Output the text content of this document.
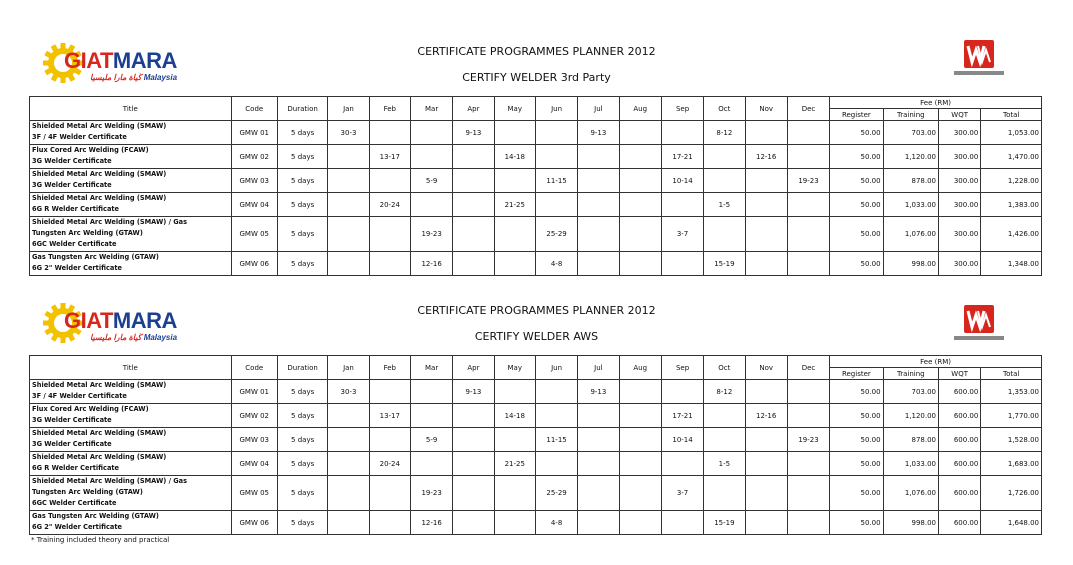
GIATMARA
ڬياة مارا مليسيا Malaysia
CERTIFICATE PROGRAMMES PLANNER 2012
CERTIFY WELDER 3rd Party
Title	Code	Duration	Jan	Feb	Mar	Apr	May	Jun	Jul	Aug	Sep	Oct	Nov	Dec	Fee (RM)			
															Register	Training	WQT	Total

Shielded Metal Arc Welding (SMAW)
3F / 4F Welder Certificate	GMW 01	5 days	30-3			9-13			9-13			8-12			50.00	703.00	300.00	1,053.00

Flux Cored Arc Welding (FCAW)
3G Welder Certificate	GMW 02	5 days		13-17			14-18				17-21		12-16		50.00	1,120.00	300.00	1,470.00

Shielded Metal Arc Welding (SMAW)
3G Welder Certificate	GMW 03	5 days			5-9			11-15			10-14			19-23	50.00	878.00	300.00	1,228.00

Shielded Metal Arc Welding (SMAW)
6G R Welder Certificate	GMW 04	5 days		20-24			21-25					1-5			50.00	1,033.00	300.00	1,383.00

Shielded Metal Arc Welding (SMAW) / Gas
Tungsten Arc Welding (GTAW)
6GC Welder Certificate	GMW 05	5 days			19-23			25-29			3-7				50.00	1,076.00	300.00	1,426.00

Gas Tungsten Arc Welding (GTAW)
6G 2" Welder Certificate	GMW 06	5 days			12-16			4-8				15-19			50.00	998.00	300.00	1,348.00
GIATMARA
ڬياة مارا مليسيا Malaysia
CERTIFICATE PROGRAMMES PLANNER 2012
CERTIFY WELDER AWS
Title	Code	Duration	Jan	Feb	Mar	Apr	May	Jun	Jul	Aug	Sep	Oct	Nov	Dec	Fee (RM)			
															Register	Training	WQT	Total

Shielded Metal Arc Welding (SMAW)
3F / 4F Welder Certificate	GMW 01	5 days	30-3			9-13			9-13			8-12			50.00	703.00	600.00	1,353.00

Flux Cored Arc Welding (FCAW)
3G Welder Certificate	GMW 02	5 days		13-17			14-18				17-21		12-16		50.00	1,120.00	600.00	1,770.00

Shielded Metal Arc Welding (SMAW)
3G Welder Certificate	GMW 03	5 days			5-9			11-15			10-14			19-23	50.00	878.00	600.00	1,528.00

Shielded Metal Arc Welding (SMAW)
6G R Welder Certificate	GMW 04	5 days		20-24			21-25					1-5			50.00	1,033.00	600.00	1,683.00

Shielded Metal Arc Welding (SMAW) / Gas
Tungsten Arc Welding (GTAW)
6GC Welder Certificate	GMW 05	5 days			19-23			25-29			3-7				50.00	1,076.00	600.00	1,726.00

Gas Tungsten Arc Welding (GTAW)
6G 2" Welder Certificate	GMW 06	5 days			12-16			4-8				15-19			50.00	998.00	600.00	1,648.00
* Training included theory and practical
